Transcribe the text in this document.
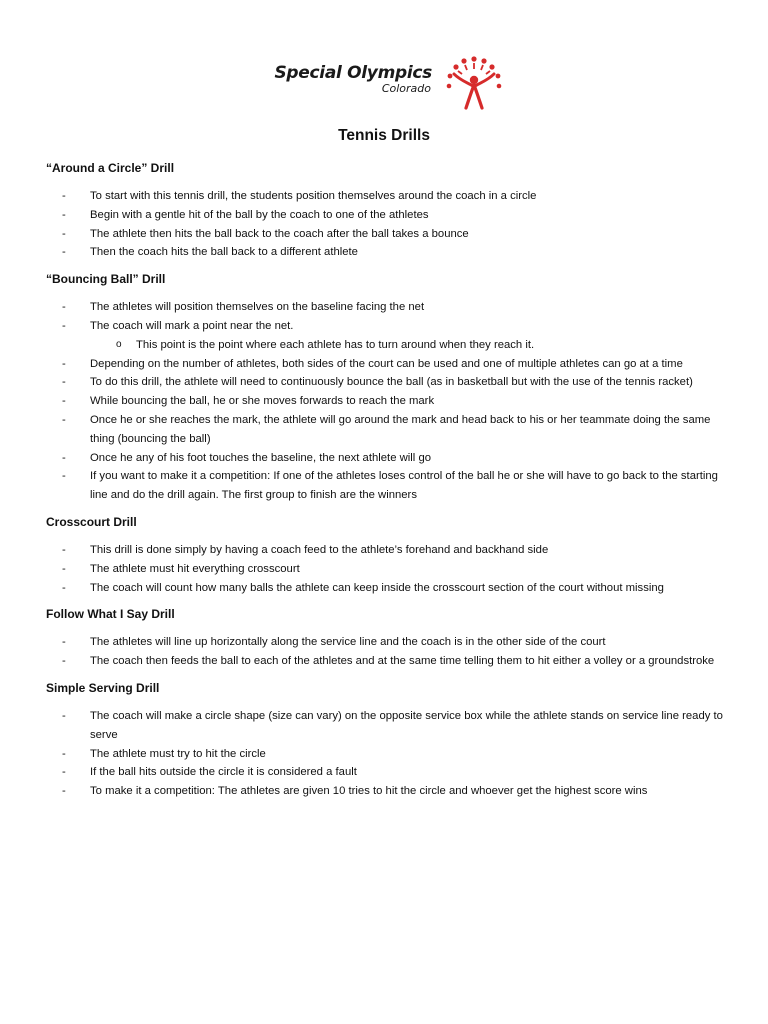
Special Olympics
Colorado
Tennis Drills
“Around a Circle” Drill
- To start with this tennis drill, the students position themselves around the coach in a circle
- Begin with a gentle hit of the ball by the coach to one of the athletes
- The athlete then hits the ball back to the coach after the ball takes a bounce
- Then the coach hits the ball back to a different athlete
“Bouncing Ball” Drill
- The athletes will position themselves on the baseline facing the net
- The coach will mark a point near the net.
o This point is the point where each athlete has to turn around when they reach it.
- Depending on the number of athletes, both sides of the court can be used and one of multiple athletes can go at a time
- To do this drill, the athlete will need to continuously bounce the ball (as in basketball but with the use of the tennis racket)
- While bouncing the ball, he or she moves forwards to reach the mark
- Once he or she reaches the mark, the athlete will go around the mark and head back to his or her teammate doing the same thing (bouncing the ball)
- Once he any of his foot touches the baseline, the next athlete will go
- If you want to make it a competition: If one of the athletes loses control of the ball he or she will have to go back to the starting line and do the drill again. The first group to finish are the winners
Crosscourt Drill
- This drill is done simply by having a coach feed to the athlete’s forehand and backhand side
- The athlete must hit everything crosscourt
- The coach will count how many balls the athlete can keep inside the crosscourt section of the court without missing
Follow What I Say Drill
- The athletes will line up horizontally along the service line and the coach is in the other side of the court
- The coach then feeds the ball to each of the athletes and at the same time telling them to hit either a volley or a groundstroke
Simple Serving Drill
- The coach will make a circle shape (size can vary) on the opposite service box while the athlete stands on service line ready to serve
- The athlete must try to hit the circle
- If the ball hits outside the circle it is considered a fault
- To make it a competition: The athletes are given 10 tries to hit the circle and whoever get the highest score wins
